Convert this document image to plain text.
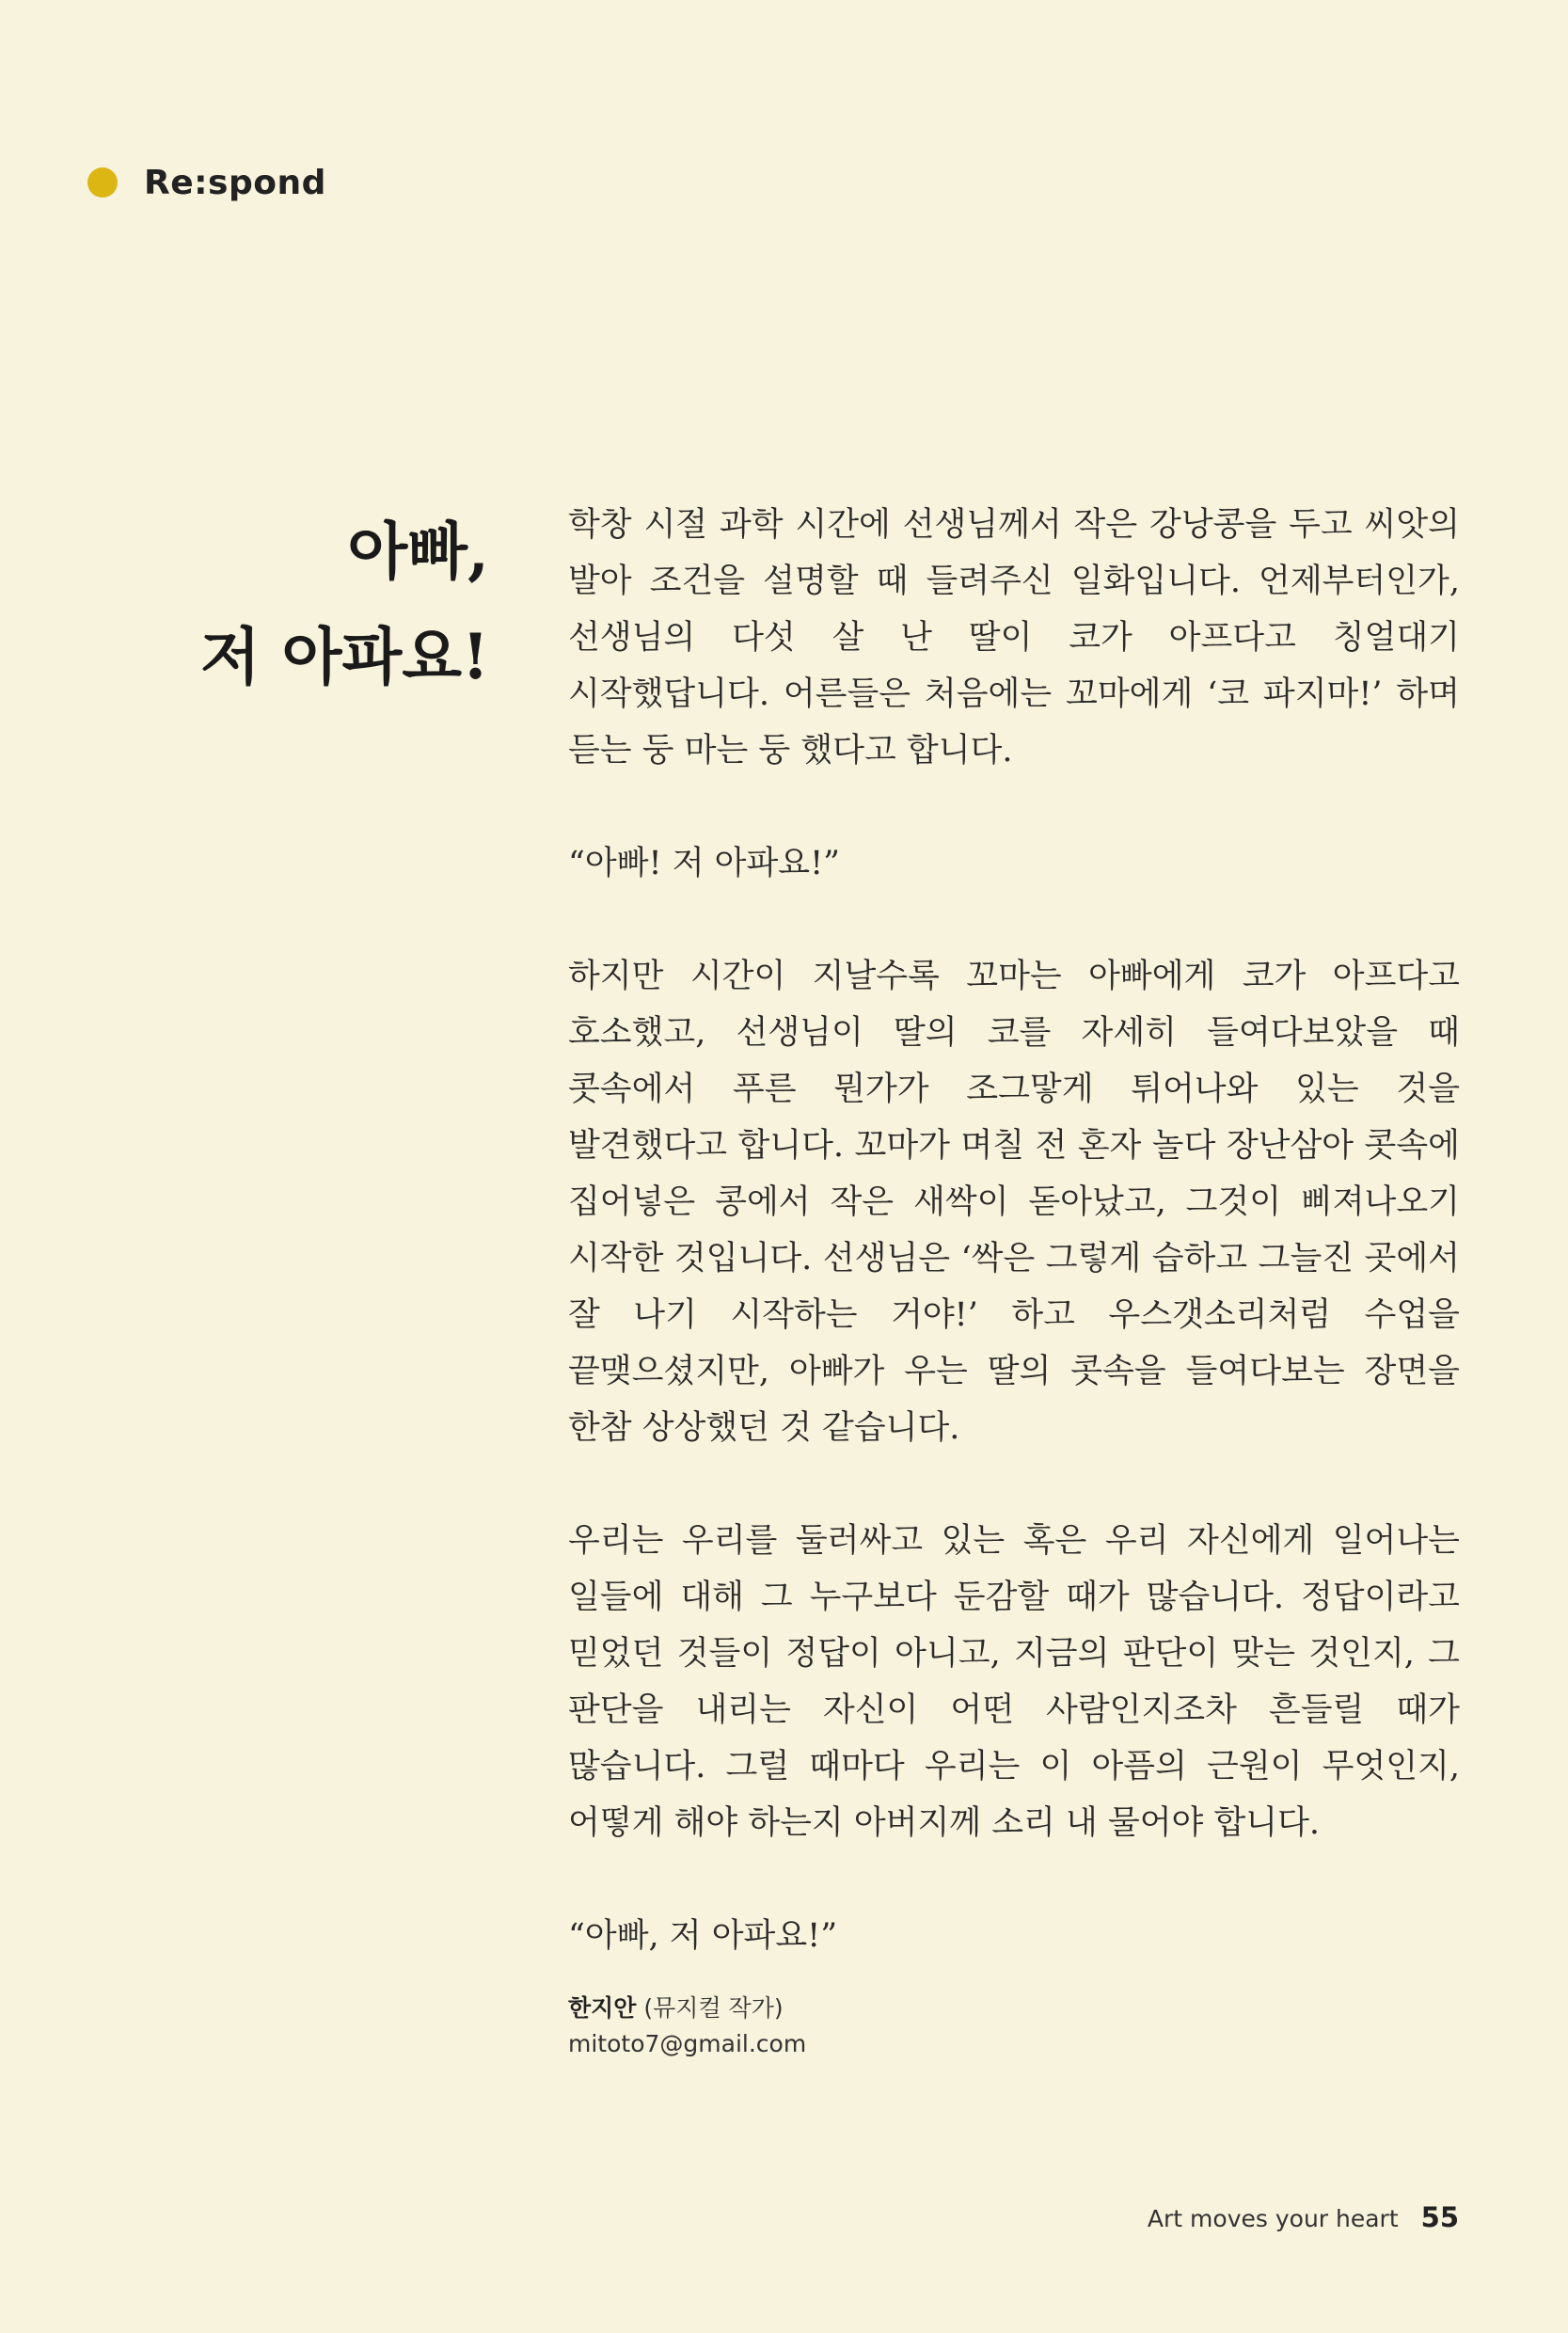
Re:spond
아빠,
저 아파요!

학창 시절 과학 시간에 선생님께서 작은 강낭콩을 두고 씨앗의 발아 조건을 설명할 때 들려주신 일화입니다. 언제부터인가, 선생님의 다섯 살 난 딸이 코가 아프다고 칭얼대기 시작했답니다. 어른들은 처음에는 꼬마에게 ‘코 파지마!’ 하며 듣는 둥 마는 둥 했다고 합니다.

“아빠! 저 아파요!”

하지만 시간이 지날수록 꼬마는 아빠에게 코가 아프다고 호소했고, 선생님이 딸의 코를 자세히 들여다보았을 때 콧속에서 푸른 뭔가가 조그맣게 튀어나와 있는 것을 발견했다고 합니다. 꼬마가 며칠 전 혼자 놀다 장난삼아 콧속에 집어넣은 콩에서 작은 새싹이 돋아났고, 그것이 삐져나오기 시작한 것입니다. 선생님은 ‘싹은 그렇게 습하고 그늘진 곳에서 잘 나기 시작하는 거야!’ 하고 우스갯소리처럼 수업을 끝맺으셨지만, 아빠가 우는 딸의 콧속을 들여다보는 장면을 한참 상상했던 것 같습니다.

우리는 우리를 둘러싸고 있는 혹은 우리 자신에게 일어나는 일들에 대해 그 누구보다 둔감할 때가 많습니다. 정답이라고 믿었던 것들이 정답이 아니고, 지금의 판단이 맞는 것인지, 그 판단을 내리는 자신이 어떤 사람인지조차 흔들릴 때가 많습니다. 그럴 때마다 우리는 이 아픔의 근원이 무엇인지, 어떻게 해야 하는지 아버지께 소리 내 물어야 합니다.

“아빠, 저 아파요!”

한지안 (뮤지컬 작가)
mitoto7@gmail.com
Art moves your heart 55
